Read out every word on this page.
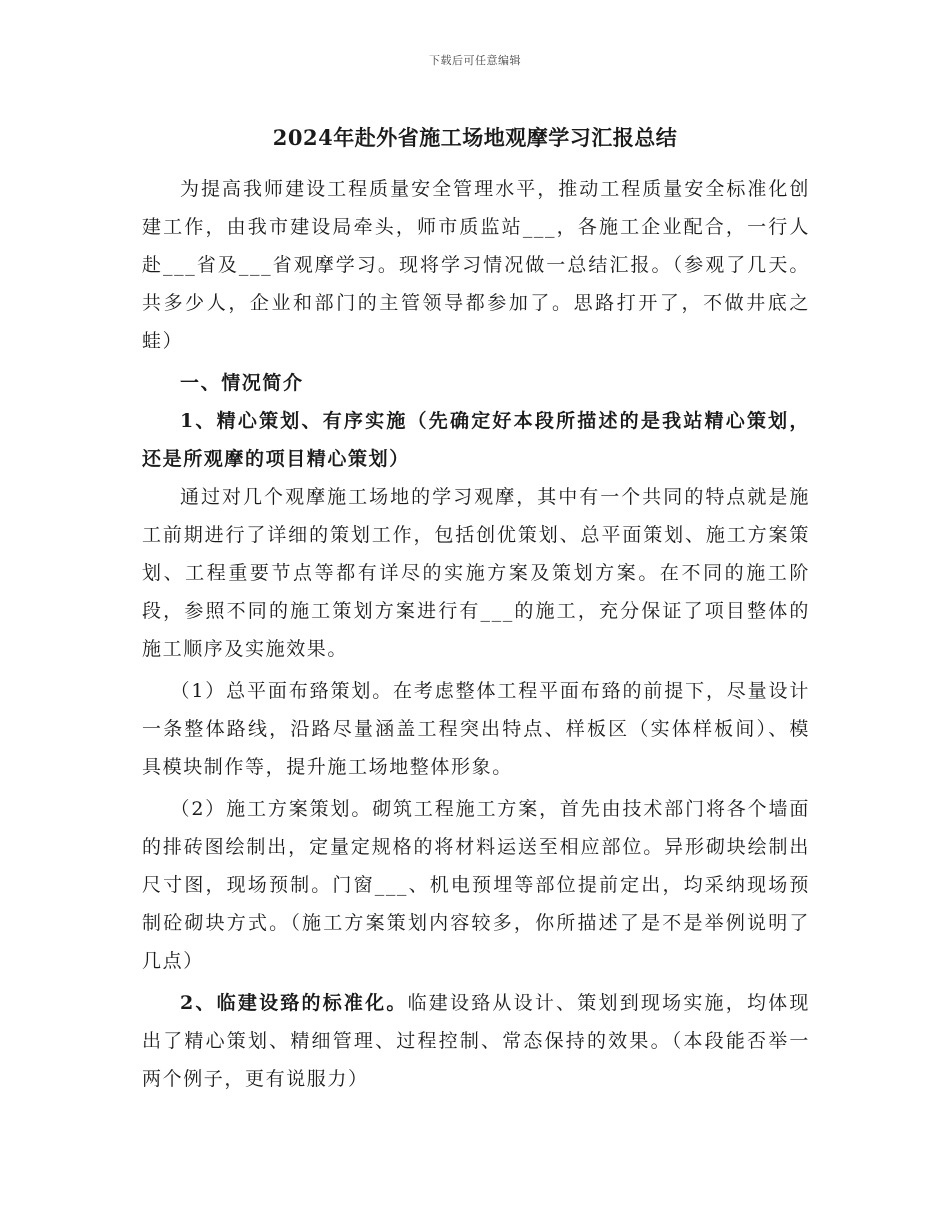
下载后可任意编辑
2024年赴外省施工场地观摩学习汇报总结

为提高我师建设工程质量安全管理水平，推动工程质量安全标准化创建工作，由我市建设局牵头，师市质监站___，各施工企业配合，一行人赴___省及___省观摩学习。现将学习情况做一总结汇报。（参观了几天。共多少人，企业和部门的主管领导都参加了。思路打开了，不做井底之蛙）

一、情况简介

1、精心策划、有序实施（先确定好本段所描述的是我站精心策划，还是所观摩的项目精心策划）

通过对几个观摩施工场地的学习观摩，其中有一个共同的特点就是施工前期进行了详细的策划工作，包括创优策划、总平面策划、施工方案策划、工程重要节点等都有详尽的实施方案及策划方案。在不同的施工阶段，参照不同的施工策划方案进行有___的施工，充分保证了项目整体的施工顺序及实施效果。

（1）总平面布臵策划。在考虑整体工程平面布臵的前提下，尽量设计一条整体路线，沿路尽量涵盖工程突出特点、样板区（实体样板间）、模具模块制作等，提升施工场地整体形象。

（2）施工方案策划。砌筑工程施工方案，首先由技术部门将各个墙面的排砖图绘制出，定量定规格的将材料运送至相应部位。异形砌块绘制出尺寸图，现场预制。门窗___、机电预埋等部位提前定出，均采纳现场预制砼砌块方式。（施工方案策划内容较多，你所描述了是不是举例说明了几点）

2、临建设臵的标准化。临建设臵从设计、策划到现场实施，均体现出了精心策划、精细管理、过程控制、常态保持的效果。（本段能否举一两个例子，更有说服力）
